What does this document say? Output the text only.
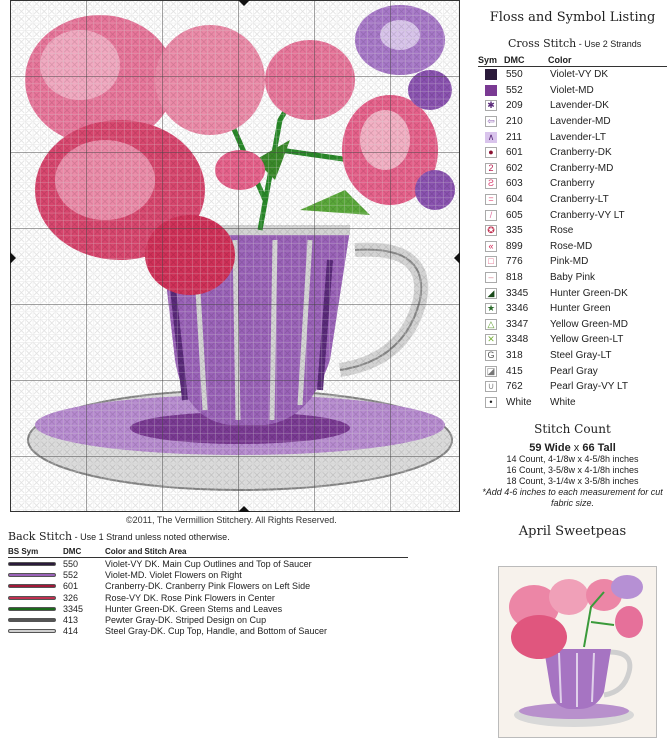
©2011, The Vermillion Stitchery. All Rights Reserved.
Floss and Symbol Listing
Cross Stitch - Use 2 Strands
Sym DMC	Color
550	Violet-VY DK
552	Violet-MD
✱ 209	Lavender-DK
⇦ 210	Lavender-MD
∧ 211	Lavender-LT
●	601	Cranberry-DK
2	602	Cranberry-MD
Ƨ	603	Cranberry
=	604	Cranberry-LT
/	605	Cranberry-VY LT
✪ 335	Rose
«	899	Rose-MD
□	776	Pink-MD
–	818	Baby Pink
◢ 3345	Hunter Green-DK
★ 3346	Hunter Green
△ 3347	Yellow Green-MD
✕ 3348	Yellow Green-LT
G 318	Steel Gray-LT
◪ 415	Pearl Gray
∪ 762	Pearl Gray-VY LT
•	White	White
Stitch Count
59 Wide x 66 Tall
14 Count, 4-1/8w x 4-5/8h inches
16 Count, 3-5/8w x 4-1/8h inches
18 Count, 3-1/4w x 3-5/8h inches
*Add 4-6 inches to each measurement for cut fabric size.
April Sweetpeas
Back Stitch - Use 1 Strand unless noted otherwise.
BS Sym	DMC	Color and Stitch Area
550	Violet-VY DK. Main Cup Outlines and Top of Saucer
552	Violet-MD. Violet Flowers on Right
601	Cranberry-DK. Cranberry Pink Flowers on Left Side
326	Rose-VY DK. Rose Pink Flowers in Center
3345	Hunter Green-DK. Green Stems and Leaves
413	Pewter Gray-DK. Striped Design on Cup
414	Steel Gray-DK. Cup Top, Handle, and Bottom of Saucer
